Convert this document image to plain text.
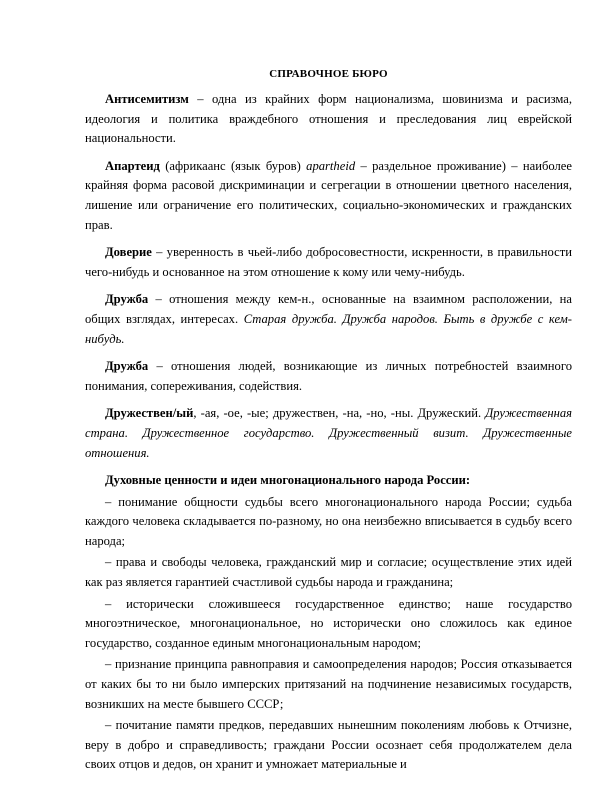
СПРАВОЧНОЕ БЮРО

Антисемитизм – одна из крайних форм национализма, шовинизма и расизма, идеология и политика враждебного отношения и преследования лиц еврейской национальности.

Апартеид (африкаанс (язык буров) apartheid – раздельное проживание) – наиболее крайняя форма расовой дискриминации и сегрегации в отношении цветного населения, лишение или ограничение его политических, социально-экономических и гражданских прав.

Доверие – уверенность в чьей-либо добросовестности, искренности, в правильности чего-нибудь и основанное на этом отношение к кому или чему-нибудь.

Дружба – отношения между кем-н., основанные на взаимном расположении, на общих взглядах, интересах. Старая дружба. Дружба народов. Быть в дружбе с кем-нибудь.

Дружба – отношения людей, возникающие из личных потребностей взаимного понимания, сопереживания, содействия.

Дружествен/ый, -ая, -ое, -ые; дружествен, -на, -но, -ны. Дружеский. Дружественная страна. Дружественное государство. Дружественный визит. Дружественные отношения.

Духовные ценности и идеи многонационального народа России:

– понимание общности судьбы всего многонационального народа России; судьба каждого человека складывается по-разному, но она неизбежно вписывается в судьбу всего народа;

– права и свободы человека, гражданский мир и согласие; осуществление этих идей как раз является гарантией счастливой судьбы народа и гражданина;

– исторически сложившееся государственное единство; наше государство многоэтническое, многонациональное, но исторически оно сложилось как единое государство, созданное единым многонациональным народом;

– признание принципа равноправия и самоопределения народов; Россия отказывается от каких бы то ни было имперских притязаний на подчинение независимых государств, возникших на месте бывшего СССР;

– почитание памяти предков, передавших нынешним поколениям любовь к Отчизне, веру в добро и справедливость; граждани России осознает себя продолжателем дела своих отцов и дедов, он хранит и умножает материальные и
